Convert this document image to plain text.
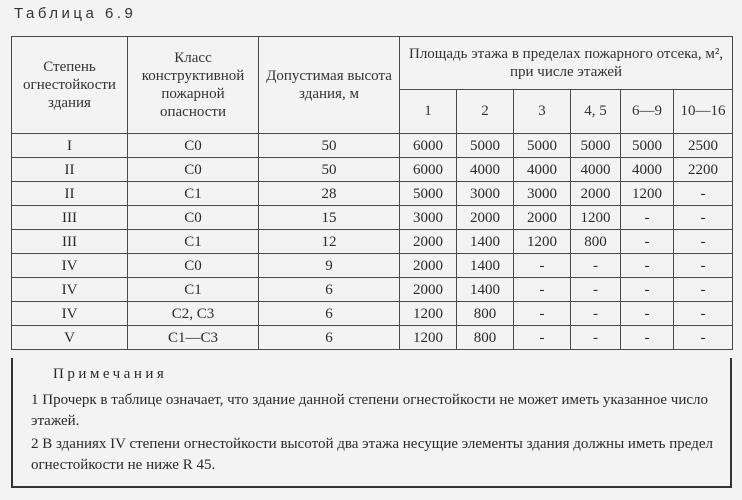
Таблица 6.9
Степень огнестойкости здания	Класс конструктивной пожарной опасности	Допустимая высота здания, м	Площадь этажа в пределах пожарного отсека, м², при числе этажей					
			1	2	3	4, 5	6—9	10—16
I	С0	50	6000	5000	5000	5000	5000	2500
II	С0	50	6000	4000	4000	4000	4000	2200
II	С1	28	5000	3000	3000	2000	1200	-
III	С0	15	3000	2000	2000	1200	-	-
III	С1	12	2000	1400	1200	800	-	-
IV	С0	9	2000	1400	-	-	-	-
IV	С1	6	2000	1400	-	-	-	-
IV	С2, С3	6	1200	800	-	-	-	-
V	С1—С3	6	1200	800	-	-	-	-
Примечания
1 Прочерк в таблице означает, что здание данной степени огнестойкости не может иметь указанное число этажей.
2 В зданиях IV степени огнестойкости высотой два этажа несущие элементы здания должны иметь предел огнестойкости не ниже R 45.
